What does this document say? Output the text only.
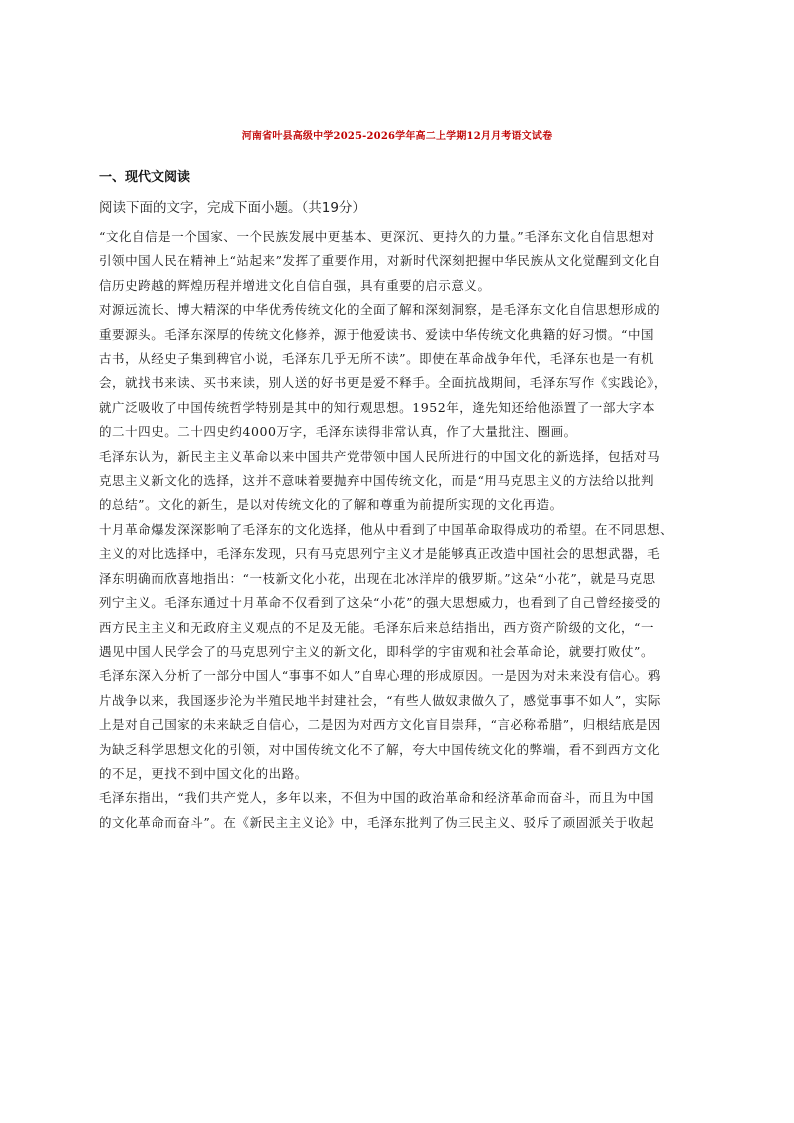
河南省叶县高级中学2025-2026学年高二上学期12月月考语文试卷
一、现代文阅读
阅读下面的文字，完成下面小题。（共19分）

“文化自信是一个国家、一个民族发展中更基本、更深沉、更持久的力量。”毛泽东文化自信思想对

引领中国人民在精神上“站起来”发挥了重要作用，对新时代深刻把握中华民族从文化觉醒到文化自

信历史跨越的辉煌历程并增进文化自信自强，具有重要的启示意义。

对源远流长、博大精深的中华优秀传统文化的全面了解和深刻洞察，是毛泽东文化自信思想形成的

重要源头。毛泽东深厚的传统文化修养，源于他爱读书、爱读中华传统文化典籍的好习惯。“中国

古书，从经史子集到稗官小说，毛泽东几乎无所不读”。即使在革命战争年代，毛泽东也是一有机

会，就找书来读、买书来读，别人送的好书更是爱不释手。全面抗战期间，毛泽东写作《实践论》，

就广泛吸收了中国传统哲学特别是其中的知行观思想。1952年，逄先知还给他添置了一部大字本

的二十四史。二十四史约4000万字，毛泽东读得非常认真，作了大量批注、圈画。

毛泽东认为，新民主主义革命以来中国共产党带领中国人民所进行的中国文化的新选择，包括对马

克思主义新文化的选择，这并不意味着要抛弃中国传统文化，而是“用马克思主义的方法给以批判

的总结”。文化的新生，是以对传统文化的了解和尊重为前提所实现的文化再造。

十月革命爆发深深影响了毛泽东的文化选择，他从中看到了中国革命取得成功的希望。在不同思想、

主义的对比选择中，毛泽东发现，只有马克思列宁主义才是能够真正改造中国社会的思想武器，毛

泽东明确而欣喜地指出：“一枝新文化小花，出现在北冰洋岸的俄罗斯。”这朵“小花”，就是马克思

列宁主义。毛泽东通过十月革命不仅看到了这朵“小花”的强大思想威力，也看到了自己曾经接受的

西方民主主义和无政府主义观点的不足及无能。毛泽东后来总结指出，西方资产阶级的文化，“一

遇见中国人民学会了的马克思列宁主义的新文化，即科学的宇宙观和社会革命论，就要打败仗”。

毛泽东深入分析了一部分中国人“事事不如人”自卑心理的形成原因。一是因为对未来没有信心。鸦

片战争以来，我国逐步沦为半殖民地半封建社会，“有些人做奴隶做久了，感觉事事不如人”，实际

上是对自己国家的未来缺乏自信心，二是因为对西方文化盲目崇拜，“言必称希腊”，归根结底是因

为缺乏科学思想文化的引领，对中国传统文化不了解，夸大中国传统文化的弊端，看不到西方文化

的不足，更找不到中国文化的出路。

毛泽东指出，“我们共产党人，多年以来，不但为中国的政治革命和经济革命而奋斗，而且为中国

的文化革命而奋斗”。在《新民主主义论》中，毛泽东批判了伪三民主义、驳斥了顽固派关于收起
